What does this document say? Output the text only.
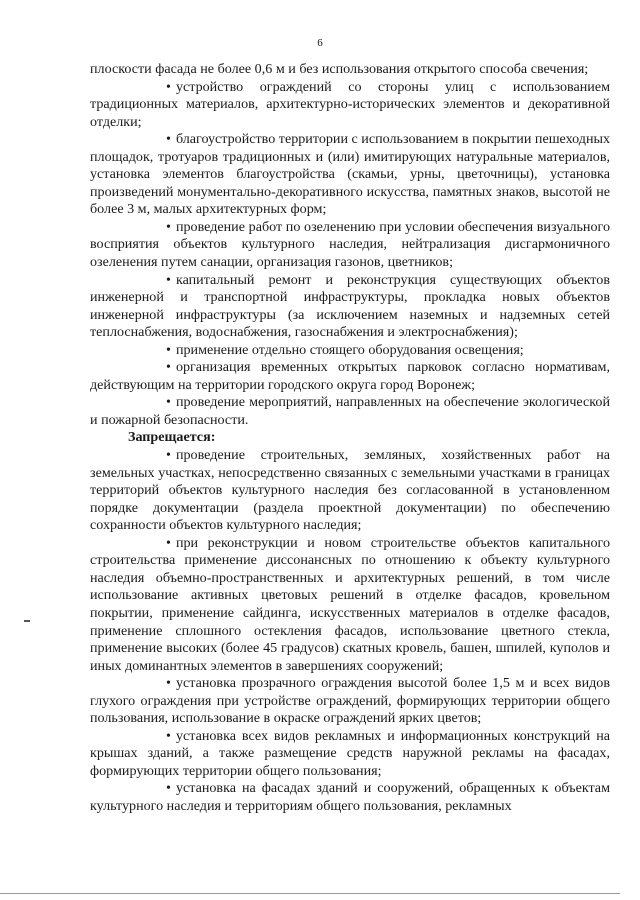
6

плоскости фасада не более 0,6 м и без использования открытого способа свечения;

• устройство ограждений со стороны улиц с использованием традиционных материалов, архитектурно-исторических элементов и декоративной отделки;

• благоустройство территории с использованием в покрытии пешеходных площадок, тротуаров традиционных и (или) имитирующих натуральные материалов, установка элементов благоустройства (скамьи, урны, цветочницы), установка произведений монументально-декоративного искусства, памятных знаков, высотой не более 3 м, малых архитектурных форм;

• проведение работ по озеленению при условии обеспечения визуального восприятия объектов культурного наследия, нейтрализация дисгармоничного озеленения путем санации, организация газонов, цветников;

• капитальный ремонт и реконструкция существующих объектов инженерной и транспортной инфраструктуры, прокладка новых объектов инженерной инфраструктуры (за исключением наземных и надземных сетей теплоснабжения, водоснабжения, газоснабжения и электроснабжения);

• применение отдельно стоящего оборудования освещения;

• организация временных открытых парковок согласно нормативам, действующим на территории городского округа город Воронеж;

• проведение мероприятий, направленных на обеспечение экологической и пожарной безопасности.

Запрещается:

• проведение строительных, земляных, хозяйственных работ на земельных участках, непосредственно связанных с земельными участками в границах территорий объектов культурного наследия без согласованной в установленном порядке документации (раздела проектной документации) по обеспечению сохранности объектов культурного наследия;

• при реконструкции и новом строительстве объектов капитального строительства применение диссонансных по отношению к объекту культурного наследия объемно-пространственных и архитектурных решений, в том числе использование активных цветовых решений в отделке фасадов, кровельном покрытии, применение сайдинга, искусственных материалов в отделке фасадов, применение сплошного остекления фасадов, использование цветного стекла, применение высоких (более 45 градусов) скатных кровель, башен, шпилей, куполов и иных доминантных элементов в завершениях сооружений;

• установка прозрачного ограждения высотой более 1,5 м и всех видов глухого ограждения при устройстве ограждений, формирующих территории общего пользования, использование в окраске ограждений ярких цветов;

• установка всех видов рекламных и информационных конструкций на крышах зданий, а также размещение средств наружной рекламы на фасадах, формирующих территории общего пользования;

• установка на фасадах зданий и сооружений, обращенных к объектам культурного наследия и территориям общего пользования, рекламных
